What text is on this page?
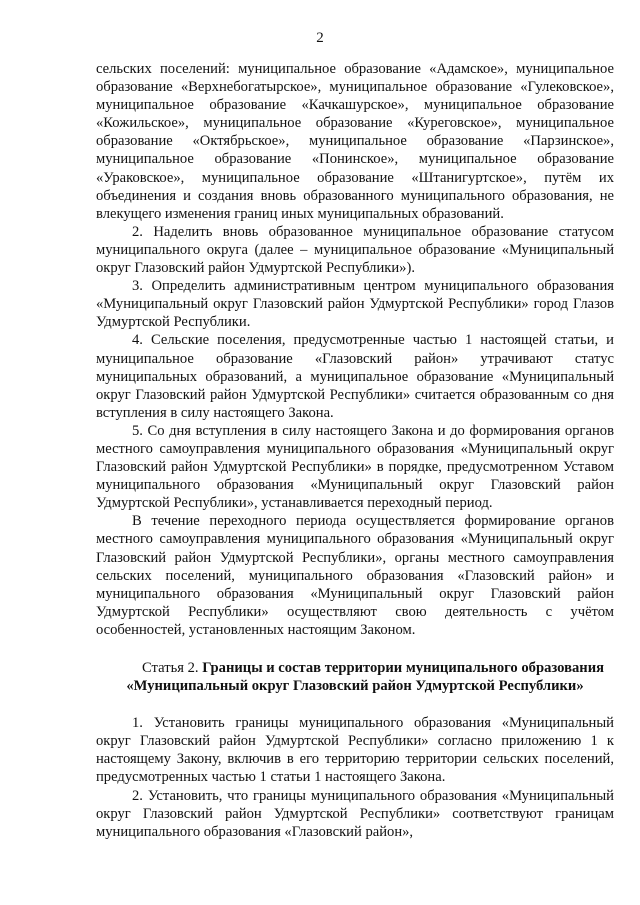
2

сельских поселений: муниципальное образование «Адамское», муниципальное образование «Верхнебогатырское», муниципальное образование «Гулековское», муниципальное образование «Качкашурское», муниципальное образование «Кожильское», муниципальное образование «Куреговское», муниципальное образование «Октябрьское», муниципальное образование «Парзинское», муниципальное образование «Понинское», муниципальное образование «Ураковское», муниципальное образование «Штанигуртское», путём их объединения и создания вновь образованного муниципального образования, не влекущего изменения границ иных муниципальных образований.

2. Наделить вновь образованное муниципальное образование статусом муниципального округа (далее – муниципальное образование «Муниципальный округ Глазовский район Удмуртской Республики»).

3. Определить административным центром муниципального образования «Муниципальный округ Глазовский район Удмуртской Республики» город Глазов Удмуртской Республики.

4. Сельские поселения, предусмотренные частью 1 настоящей статьи, и муниципальное образование «Глазовский район» утрачивают статус муниципальных образований, а муниципальное образование «Муниципальный округ Глазовский район Удмуртской Республики» считается образованным со дня вступления в силу настоящего Закона.

5. Со дня вступления в силу настоящего Закона и до формирования органов местного самоуправления муниципального образования «Муниципальный округ Глазовский район Удмуртской Республики» в порядке, предусмотренном Уставом муниципального образования «Муниципальный округ Глазовский район Удмуртской Республики», устанавливается переходный период.

В течение переходного периода осуществляется формирование органов местного самоуправления муниципального образования «Муниципальный округ Глазовский район Удмуртской Республики», органы местного самоуправления сельских поселений, муниципального образования «Глазовский район» и муниципального образования «Муниципальный округ Глазовский район Удмуртской Республики» осуществляют свою деятельность с учётом особенностей, установленных настоящим Законом.

Статья 2. Границы и состав территории муниципального образования «Муниципальный округ Глазовский район Удмуртской Республики»

1. Установить границы муниципального образования «Муниципальный округ Глазовский район Удмуртской Республики» согласно приложению 1 к настоящему Закону, включив в его территорию территории сельских поселений, предусмотренных частью 1 статьи 1 настоящего Закона.

2. Установить, что границы муниципального образования «Муниципальный округ Глазовский район Удмуртской Республики» соответствуют границам муниципального образования «Глазовский район»,
